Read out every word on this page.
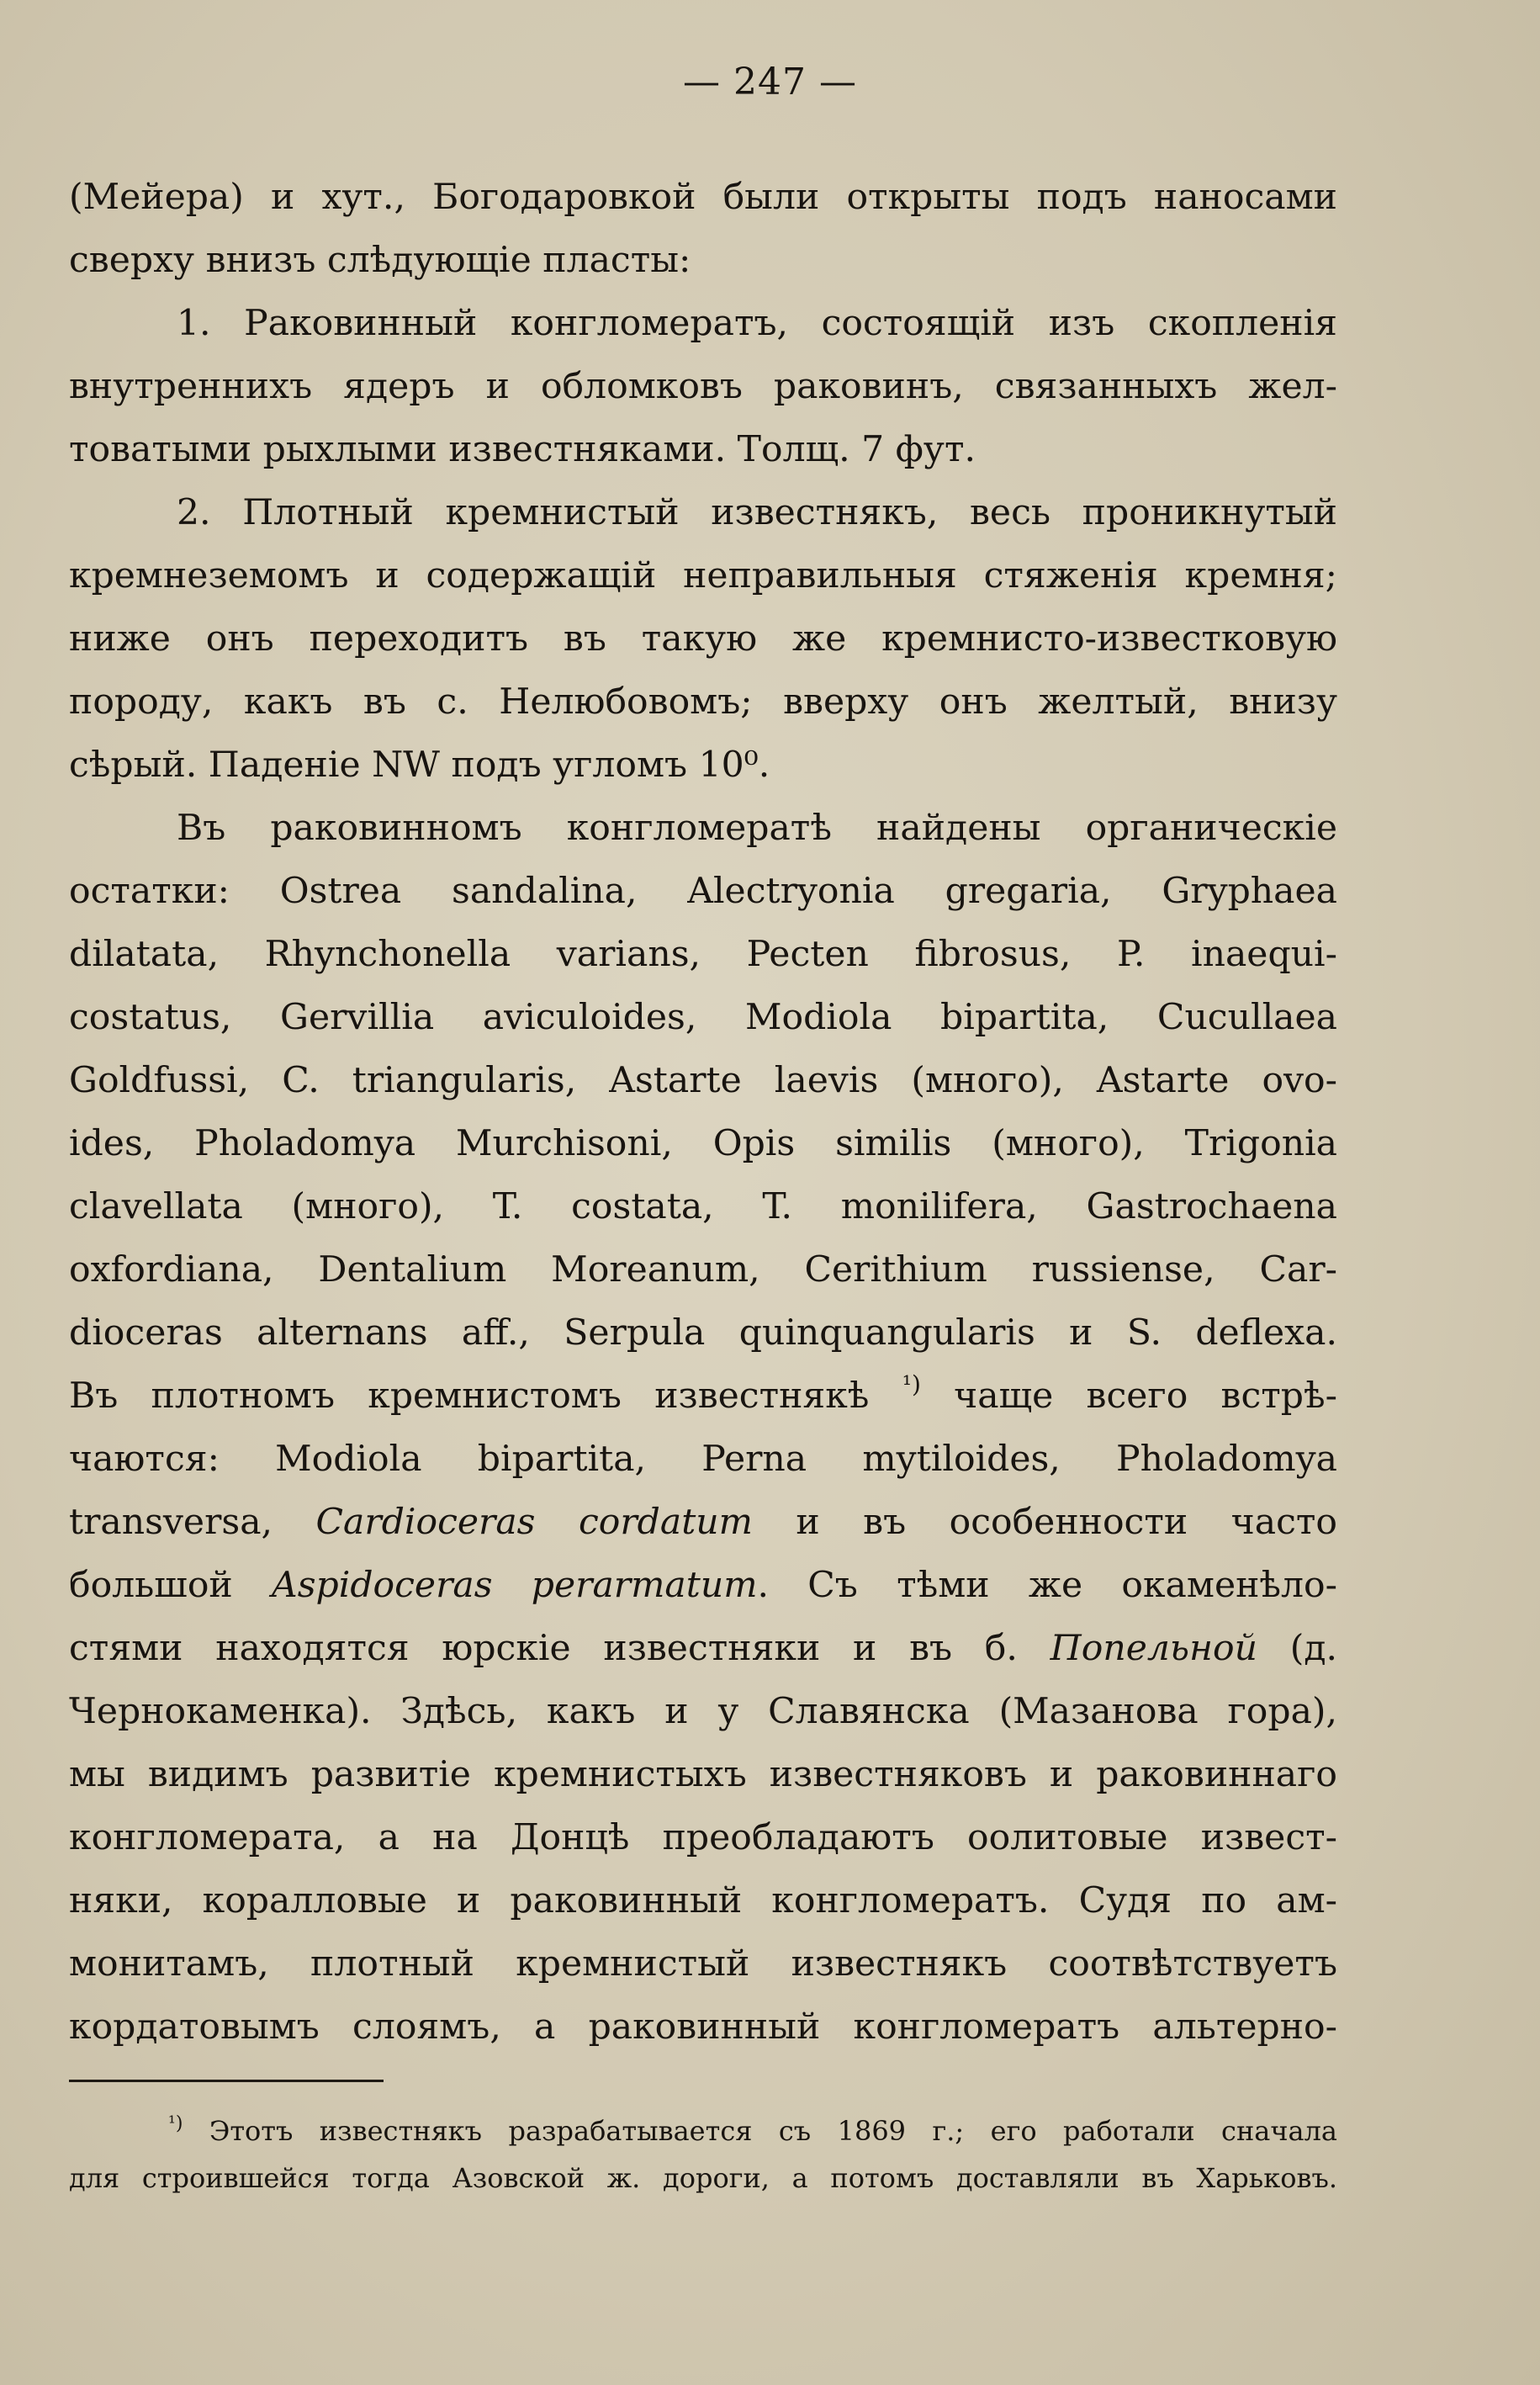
— 247 —
(Мейера) и хут., Богодаровкой были открыты подъ наносами
сверху внизъ слѣдующіе пласты:
1. Раковинный конгломератъ, состоящій изъ скопленія
внутреннихъ ядеръ и обломковъ раковинъ, связанныхъ жел-
товатыми рыхлыми известняками. Толщ. 7 фут.
2. Плотный кремнистый известнякъ, весь проникнутый
кремнеземомъ и содержащій неправильныя стяженія кремня;
ниже онъ переходитъ въ такую же кремнисто-известковую
породу, какъ въ с. Нелюбовомъ; вверху онъ желтый, внизу
сѣрый. Паденіе NW подъ угломъ 10⁰.
Въ раковинномъ конгломератѣ найдены органическіе
остатки: Ostrea sandalina, Alectryonia gregaria, Gryphaea
dilatata, Rhynchonella varians, Pecten fibrosus, P. inaequi-
costatus, Gervillia aviculoides, Modiola bipartita, Cucullaea
Goldfussi, C. triangularis, Astarte laevis (много), Astarte ovo-
ides, Pholadomya Murchisoni, Opis similis (много), Trigonia
clavellata (много), T. costata, T. monilifera, Gastrochaena
oxfordiana, Dentalium Moreanum, Cerithium russiense, Car-
dioceras alternans aff., Serpula quinquangularis и S. deflexa.
Въ плотномъ кремнистомъ известнякѣ $^{^1)}$ чаще всего встрѣ-
чаются: Modiola bipartita, Perna mytiloides, Pholadomya
transversa, Cardioceras cordatum и въ особенности часто
большой Aspidoceras perarmatum. Съ тѣми же окаменѣло-
стями находятся юрскіе известняки и въ б. Попельной (д.
Чернокаменка). Здѣсь, какъ и у Славянска (Мазанова гора),
мы видимъ развитіе кремнистыхъ известняковъ и раковиннаго
конгломерата, а на Донцѣ преобладаютъ оолитовые извест-
няки, коралловые и раковинный конгломератъ. Судя по ам-
монитамъ, плотный кремнистый известнякъ соотвѣтствуетъ
кордатовымъ слоямъ, а раковинный конгломератъ альтерно-
$^{^1)}$ Этотъ известнякъ разрабатывается съ 1869 г.; его работали сначала
для строившейся тогда Азовской ж. дороги, а потомъ доставляли въ Харьковъ.
